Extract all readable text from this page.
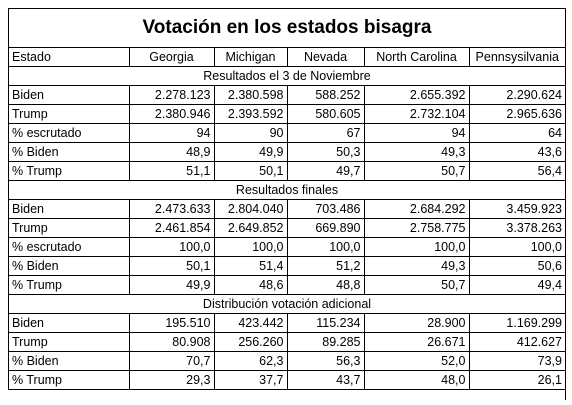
Votación en los estados bisagra
Estado	Georgia	Michigan	Nevada	North Carolina	Pennsysilvania
Resultados el 3 de Noviembre					
Biden	2.278.123	2.380.598	588.252	2.655.392	2.290.624
Trump	2.380.946	2.393.592	580.605	2.732.104	2.965.636
% escrutado	94	90	67	94	64
% Biden	48,9	49,9	50,3	49,3	43,6
% Trump	51,1	50,1	49,7	50,7	56,4
Resultados finales					
Biden	2.473.633	2.804.040	703.486	2.684.292	3.459.923
Trump	2.461.854	2.649.852	669.890	2.758.775	3.378.263
% escrutado	100,0	100,0	100,0	100,0	100,0
% Biden	50,1	51,4	51,2	49,3	50,6
% Trump	49,9	48,6	48,8	50,7	49,4
Distribución votación adicional					
Biden	195.510	423.442	115.234	28.900	1.169.299
Trump	80.908	256.260	89.285	26.671	412.627
% Biden	70,7	62,3	56,3	52,0	73,9
% Trump	29,3	37,7	43,7	48,0	26,1
